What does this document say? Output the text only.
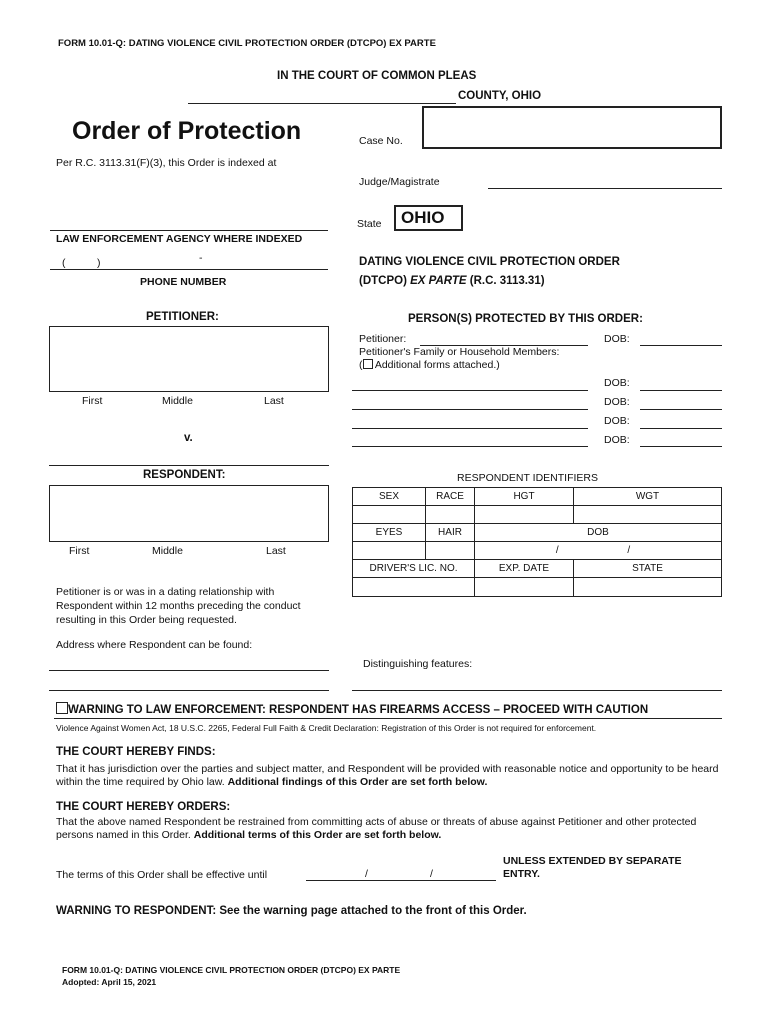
FORM 10.01-Q: DATING VIOLENCE CIVIL PROTECTION ORDER (DTCPO) EX PARTE
IN THE COURT OF COMMON PLEAS
COUNTY, OHIO
Order of Protection
Per R.C. 3113.31(F)(3), this Order is indexed at
LAW ENFORCEMENT AGENCY WHERE INDEXED
(	)	-
PHONE NUMBER
Case No.
Judge/Magistrate
State OHIO
DATING VIOLENCE CIVIL PROTECTION ORDER
(DTCPO) EX PARTE (R.C. 3113.31)
PETITIONER:
First	Middle	Last
v.
PERSON(S) PROTECTED BY THIS ORDER:
Petitioner:	DOB:
Petitioner's Family or Household Members:
( Additional forms attached.)
DOB:
DOB:
DOB:
DOB:
RESPONDENT:
First	Middle	Last
Petitioner is or was in a dating relationship with Respondent within 12 months preceding the conduct resulting in this Order being requested.
Address where Respondent can be found:
RESPONDENT IDENTIFIERS
SEX	RACE	HGT	WGT

EYES	HAIR	DOB	
		/ /	
DRIVER'S LIC. NO.		EXP. DATE	STATE

Distinguishing features:
WARNING TO LAW ENFORCEMENT: RESPONDENT HAS FIREARMS ACCESS – PROCEED WITH CAUTION
Violence Against Women Act, 18 U.S.C. 2265, Federal Full Faith & Credit Declaration: Registration of this Order is not required for enforcement.
THE COURT HEREBY FINDS:
That it has jurisdiction over the parties and subject matter, and Respondent will be provided with reasonable notice and opportunity to be heard within the time required by Ohio law. Additional findings of this Order are set forth below.
THE COURT HEREBY ORDERS:
That the above named Respondent be restrained from committing acts of abuse or threats of abuse against Petitioner and other protected persons named in this Order. Additional terms of this Order are set forth below.
The terms of this Order shall be effective until	/	/
UNLESS EXTENDED BY SEPARATE ENTRY.
WARNING TO RESPONDENT: See the warning page attached to the front of this Order.
FORM 10.01-Q: DATING VIOLENCE CIVIL PROTECTION ORDER (DTCPO) EX PARTE
Adopted: April 15, 2021
